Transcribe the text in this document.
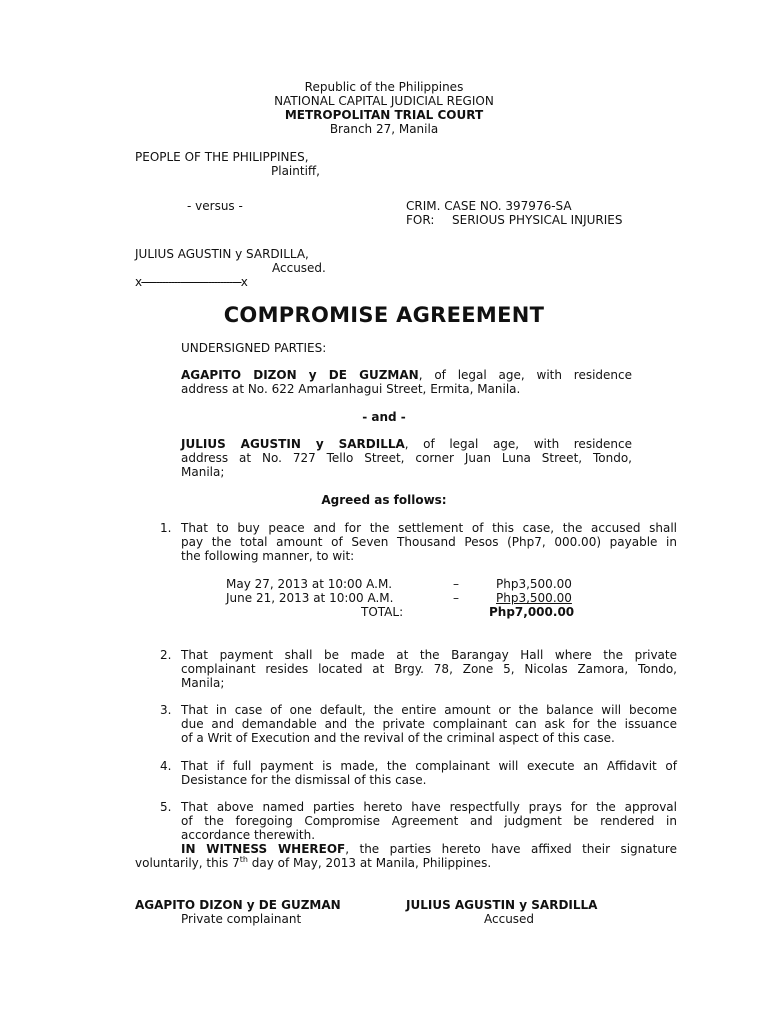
Republic of the Philippines
NATIONAL CAPITAL JUDICIAL REGION
METROPOLITAN TRIAL COURT
Branch 27, Manila
PEOPLE OF THE PHILIPPINES,
Plaintiff,
- versus -	CRIM. CASE NO. 397976-SA
FOR: SERIOUS PHYSICAL INJURIES
JULIUS AGUSTIN y SARDILLA,
Accused.
x---------------------------------x
COMPROMISE AGREEMENT
UNDERSIGNED PARTIES:
AGAPITO DIZON y DE GUZMAN, of legal age, with residence
address at No. 622 Amarlanhagui Street, Ermita, Manila.
- and -
JULIUS AGUSTIN y SARDILLA, of legal age, with residence
address at No. 727 Tello Street, corner Juan Luna Street, Tondo,
Manila;
Agreed as follows:
1. That to buy peace and for the settlement of this case, the accused shall
pay the total amount of Seven Thousand Pesos (Php7, 000.00) payable in
the following manner, to wit:
May 27, 2013 at 10:00 A.M.	–	Php3,500.00
June 21, 2013 at 10:00 A.M.	–	Php3,500.00
TOTAL:	Php7,000.00
2. That payment shall be made at the Barangay Hall where the private
complainant resides located at Brgy. 78, Zone 5, Nicolas Zamora, Tondo,
Manila;
3. That in case of one default, the entire amount or the balance will become
due and demandable and the private complainant can ask for the issuance
of a Writ of Execution and the revival of the criminal aspect of this case.
4. That if full payment is made, the complainant will execute an Affidavit of
Desistance for the dismissal of this case.
5. That above named parties hereto have respectfully prays for the approval
of the foregoing Compromise Agreement and judgment be rendered in
accordance therewith.
IN WITNESS WHEREOF, the parties hereto have affixed their signature
voluntarily, this 7th day of May, 2013 at Manila, Philippines.
AGAPITO DIZON y DE GUZMAN
Private complainant
JULIUS AGUSTIN y SARDILLA
Accused
